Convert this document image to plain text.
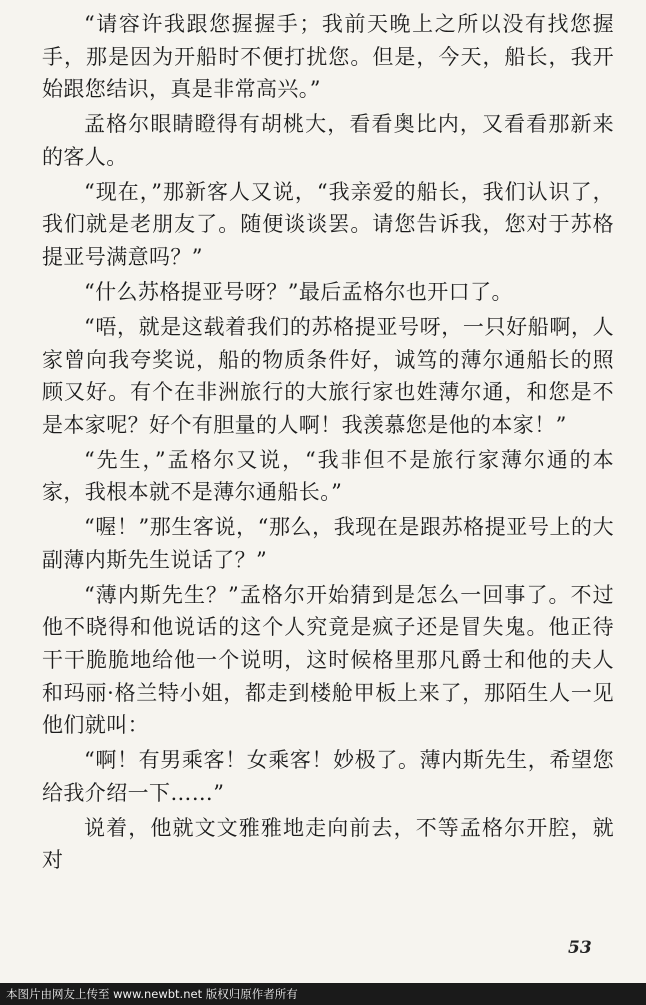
“请容许我跟您握握手；我前天晚上之所以没有找您握手，那是因为开船时不便打扰您。但是，今天，船长，我开始跟您结识，真是非常高兴。”

孟格尔眼睛瞪得有胡桃大，看看奥比内，又看看那新来的客人。

“现在，”那新客人又说，“我亲爱的船长，我们认识了，我们就是老朋友了。随便谈谈罢。请您告诉我，您对于苏格提亚号满意吗？”

“什么苏格提亚号呀？”最后孟格尔也开口了。

“唔，就是这载着我们的苏格提亚号呀，一只好船啊，人家曾向我夸奖说，船的物质条件好，诚笃的薄尔通船长的照顾又好。有个在非洲旅行的大旅行家也姓薄尔通，和您是不是本家呢？好个有胆量的人啊！我羡慕您是他的本家！”

“先生，”孟格尔又说，“我非但不是旅行家薄尔通的本家，我根本就不是薄尔通船长。”

“喔！”那生客说，“那么，我现在是跟苏格提亚号上的大副薄内斯先生说话了？”

“薄内斯先生？”孟格尔开始猜到是怎么一回事了。不过他不晓得和他说话的这个人究竟是疯子还是冒失鬼。他正待干干脆脆地给他一个说明，这时候格里那凡爵士和他的夫人和玛丽·格兰特小姐，都走到楼舱甲板上来了，那陌生人一见他们就叫：

“啊！有男乘客！女乘客！妙极了。薄内斯先生，希望您给我介绍一下……”

说着，他就文文雅雅地走向前去，不等孟格尔开腔，就对

53
本图片由网友上传至 www.newbt.net 版权归原作者所有
